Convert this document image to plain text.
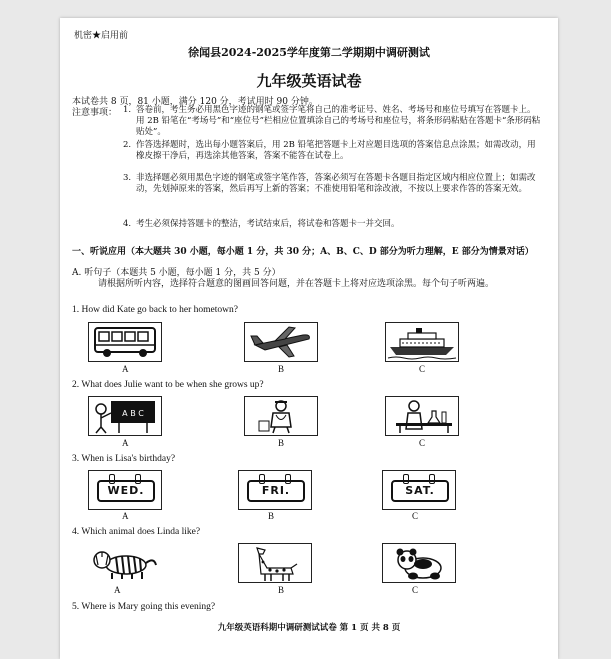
机密★启用前
徐闻县2024-2025学年度第二学期期中调研测试
九年级英语试卷
本试卷共 8 页，81 小题，满分 120 分，考试用时 90 分钟。
注意事项： 1. 答卷前，考生务必用黑色字迹的钢笔或签字笔将自己的准考证号、姓名、考场号和座位号填写在答题卡上。用 2B 铅笔在“考场号”和“座位号”栏相应位置填涂自己的考场号和座位号，将条形码粘贴在答题卡“条形码粘贴处”。
2. 作答选择题时，选出每小题答案后，用 2B 铅笔把答题卡上对应题目选项的答案信息点涂黑；如需改动，用橡皮擦干净后，再选涂其他答案，答案不能答在试卷上。
3. 非选择题必须用黑色字迹的钢笔或签字笔作答，答案必须写在答题卡各题目指定区域内相应位置上；如需改动，先划掉原来的答案，然后再写上新的答案；不准使用铅笔和涂改液，不按以上要求作答的答案无效。
4. 考生必须保持答题卡的整洁，考试结束后，将试卷和答题卡一并交回。
一、听说应用（本大题共 30 小题，每小题 1 分，共 30 分；A、B、C、D 部分为听力理解，E 部分为情景对话）
A. 听句子（本题共 5 小题，每小题 1 分，共 5 分）
请根据所听内容，选择符合题意的图画回答问题，并在答题卡上将对应选项涂黑。每个句子听两遍。
1. How did Kate go back to her hometown?
A	B	C
2. What does Julie want to be when she grows up?
A B C
A	B	C
3. When is Lisa's birthday?
WED.
A
FRI.
B
SAT.
C
4. Which animal does Linda like?
A	B	C
5. Where is Mary going this evening?
九年级英语科期中调研测试试卷 第 1 页 共 8 页
